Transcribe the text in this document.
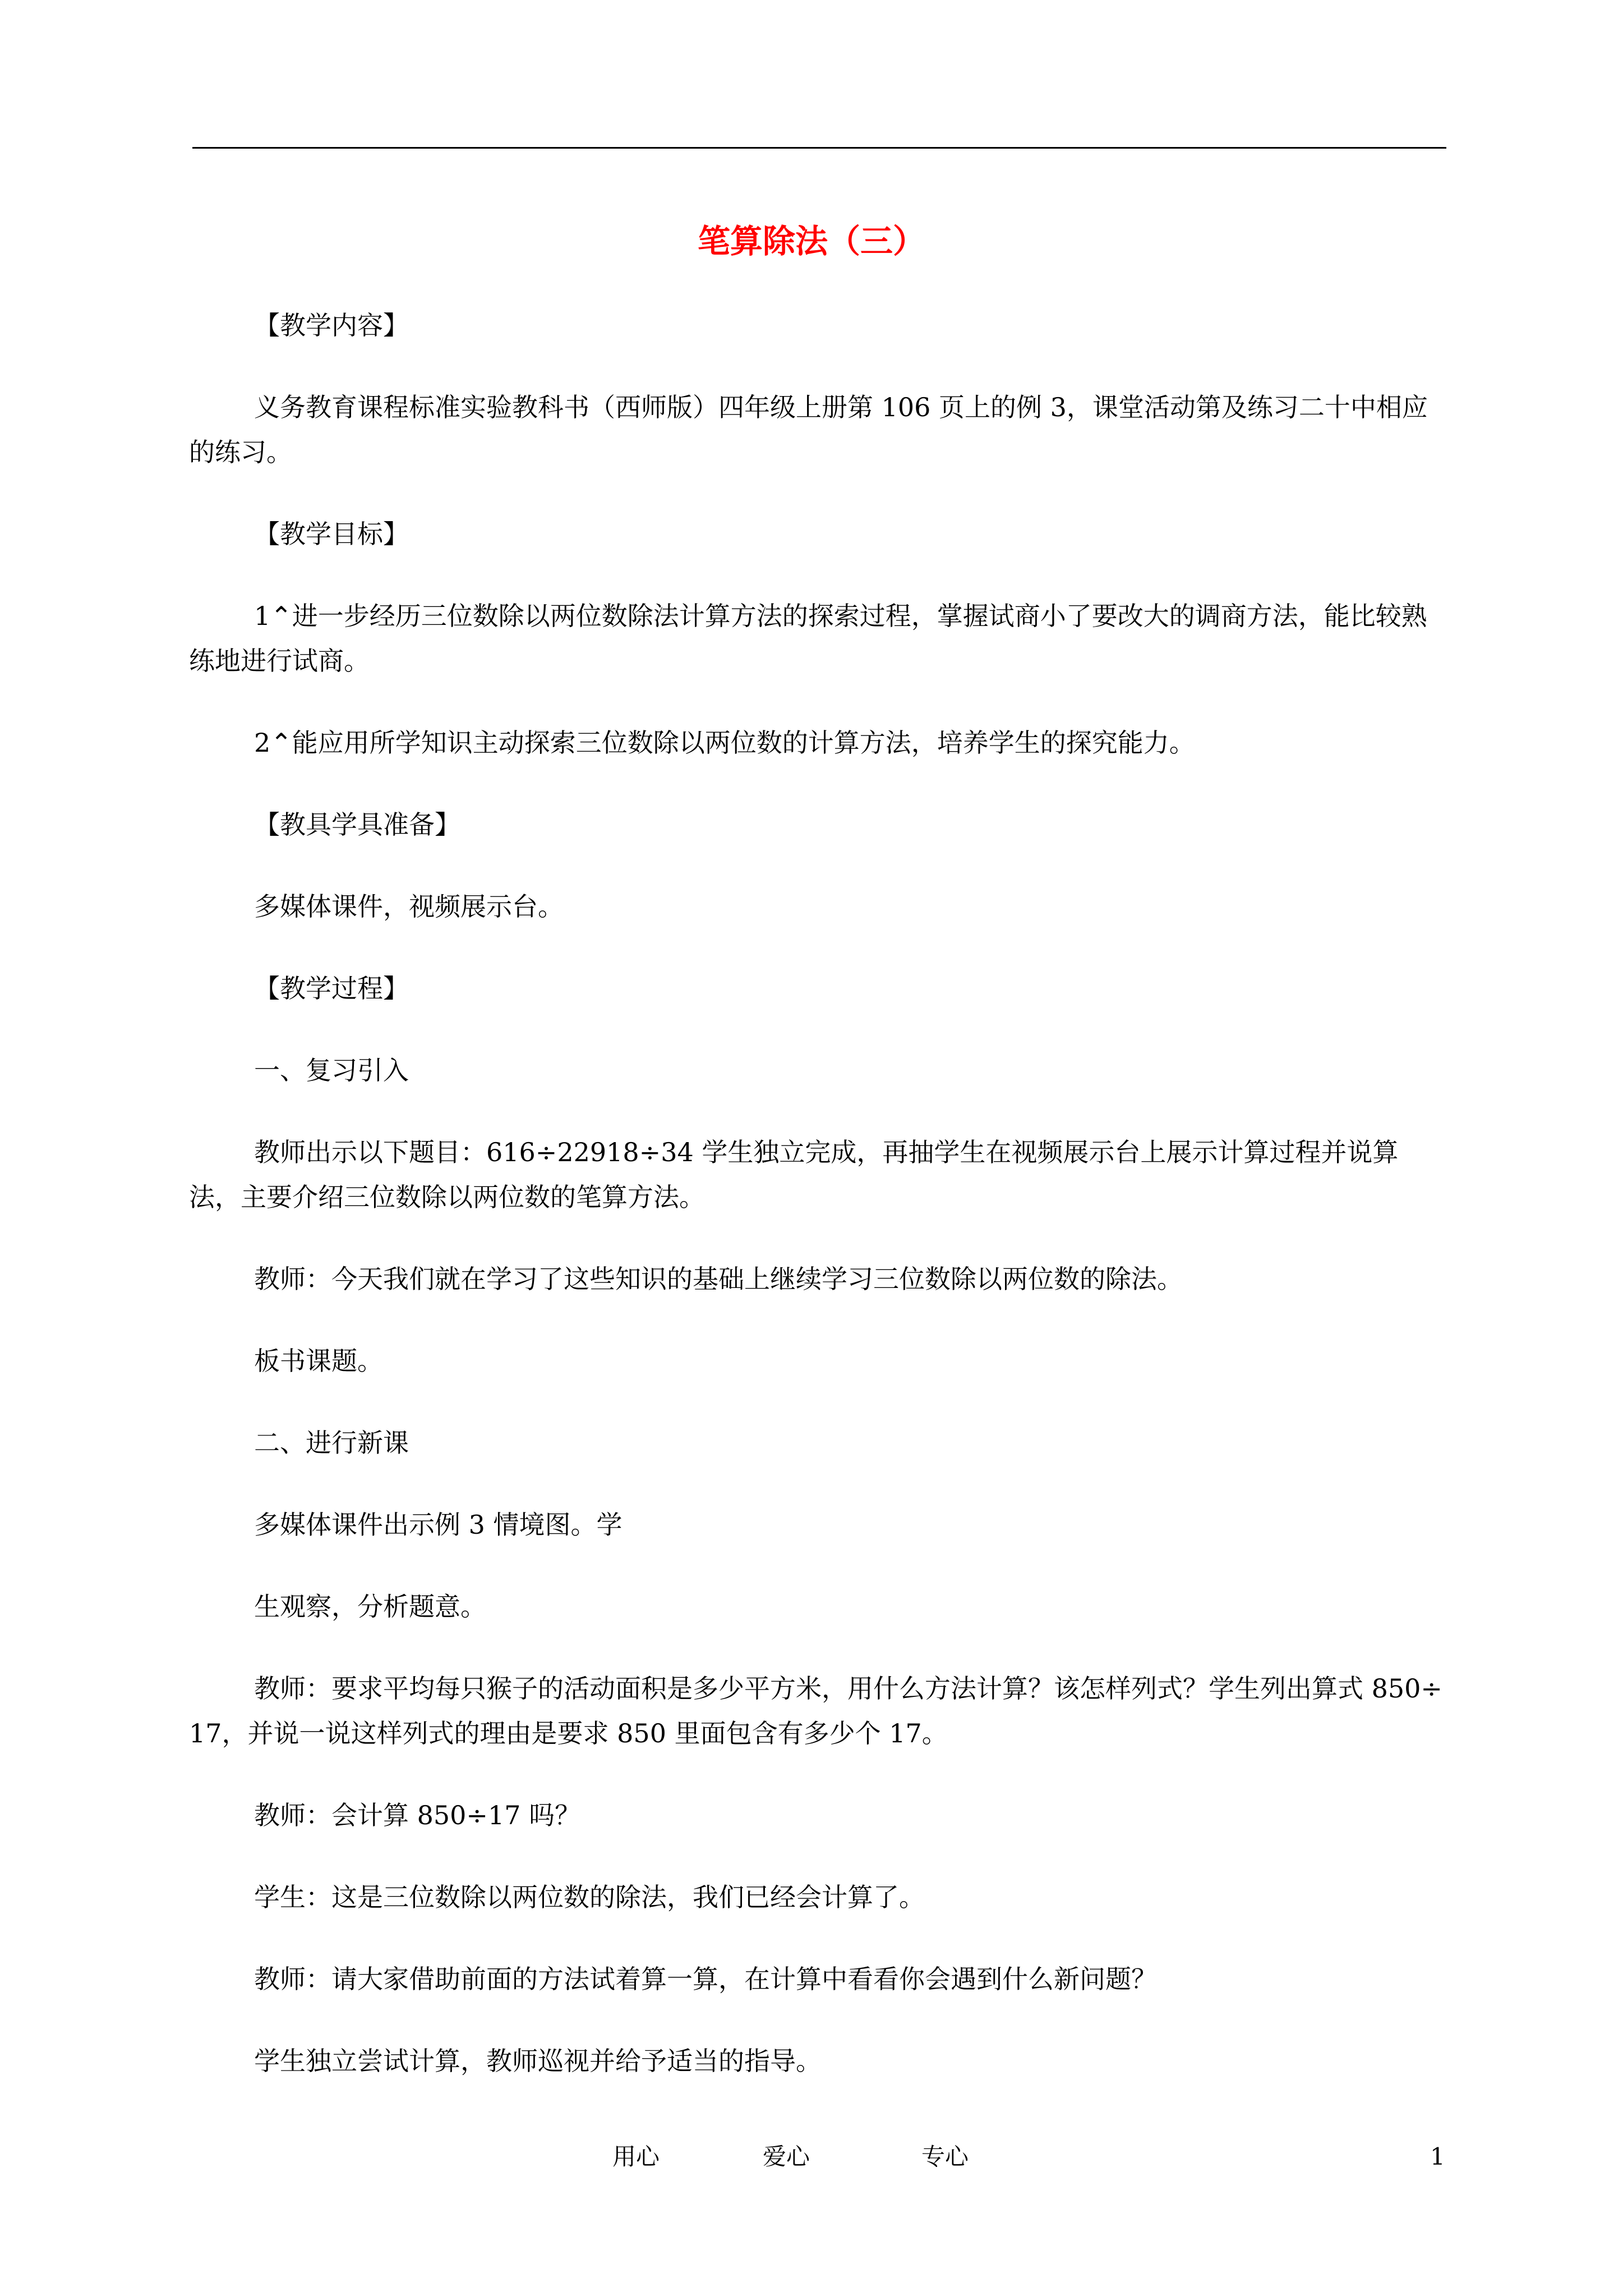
笔算除法（三）

【教学内容】

义务教育课程标准实验教科书（西师版）四年级上册第 106 页上的例 3，课堂活动第及练习二十中相应的练习。

【教学目标】

1⌃进一步经历三位数除以两位数除法计算方法的探索过程，掌握试商小了要改大的调商方法，能比较熟练地进行试商。

2⌃能应用所学知识主动探索三位数除以两位数的计算方法，培养学生的探究能力。

【教具学具准备】

多媒体课件，视频展示台。

【教学过程】

一、复习引入

教师出示以下题目：616÷22918÷34 学生独立完成，再抽学生在视频展示台上展示计算过程并说算法，主要介绍三位数除以两位数的笔算方法。

教师：今天我们就在学习了这些知识的基础上继续学习三位数除以两位数的除法。

板书课题。

二、进行新课

多媒体课件出示例 3 情境图。学

生观察，分析题意。

教师：要求平均每只猴子的活动面积是多少平方米，用什么方法计算？该怎样列式？学生列出算式 850÷17，并说一说这样列式的理由是要求 850 里面包含有多少个 17。

教师：会计算 850÷17 吗？

学生：这是三位数除以两位数的除法，我们已经会计算了。

教师：请大家借助前面的方法试着算一算，在计算中看看你会遇到什么新问题？

学生独立尝试计算，教师巡视并给予适当的指导。

用心	爱心	专心	1
